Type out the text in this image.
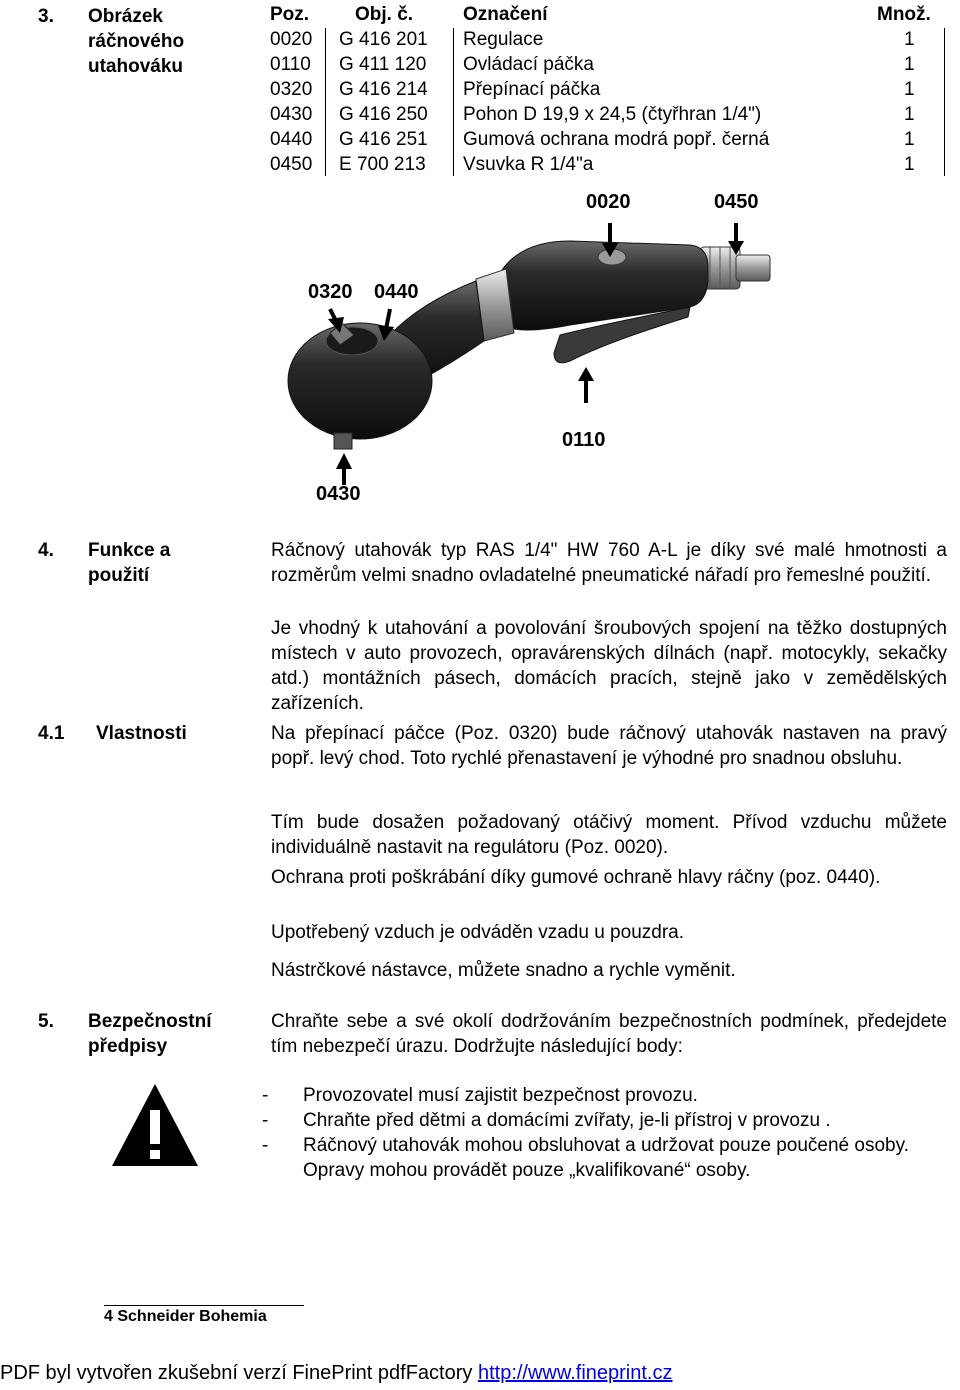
3. Obrázek
ráčnového
utahováku
Poz. Obj. č.	Označení	Množ.
0020 G 416 201 Regulace	1
0110 G 411 120 Ovládací páčka	1
0320 G 416 214 Přepínací páčka	1
0430 G 416 250 Pohon D 19,9 x 24,5 (čtyřhran 1/4")	1
0440 G 416 251 Gumová ochrana modrá popř. černá	1
0450 E 700 213 Vsuvka R 1/4"a	1
0020	0450
0320 0440
0110
0430
4. Funkce a
použití
Ráčnový utahovák typ RAS 1/4" HW 760 A-L je díky své malé hmotnosti a rozměrům velmi snadno ovladatelné pneumatické nářadí pro řemeslné použití.
Je vhodný k utahování a povolování šroubových spojení na těžko dostupných místech v auto provozech, opravárenských dílnách (např. motocykly, sekačky atd.) montážních pásech, domácích pracích, stejně jako v zemědělských zařízeních.
4.1 Vlastnosti	Na přepínací páčce (Poz. 0320) bude ráčnový utahovák nastaven na pravý popř. levý chod. Toto rychlé přenastavení je výhodné pro snadnou obsluhu.
Tím bude dosažen požadovaný otáčivý moment. Přívod vzduchu můžete individuálně nastavit na regulátoru (Poz. 0020).
Ochrana proti poškrábání díky gumové ochraně hlavy ráčny (poz. 0440).
Upotřebený vzduch je odváděn vzadu u pouzdra.
Nástrčkové nástavce, můžete snadno a rychle vyměnit.
5. Bezpečnostní
předpisy
Chraňte sebe a své okolí dodržováním bezpečnostních podmínek, předejdete tím nebezpečí úrazu. Dodržujte následující body:
- Provozovatel musí zajistit bezpečnost provozu.
- Chraňte před dětmi a domácími zvířaty, je-li přístroj v provozu .
- Ráčnový utahovák mohou obsluhovat a udržovat pouze poučené osoby. Opravy mohou provádět pouze „kvalifikované“ osoby.
4 Schneider Bohemia
PDF byl vytvořen zkušební verzí FinePrint pdfFactory http://www.fineprint.cz
